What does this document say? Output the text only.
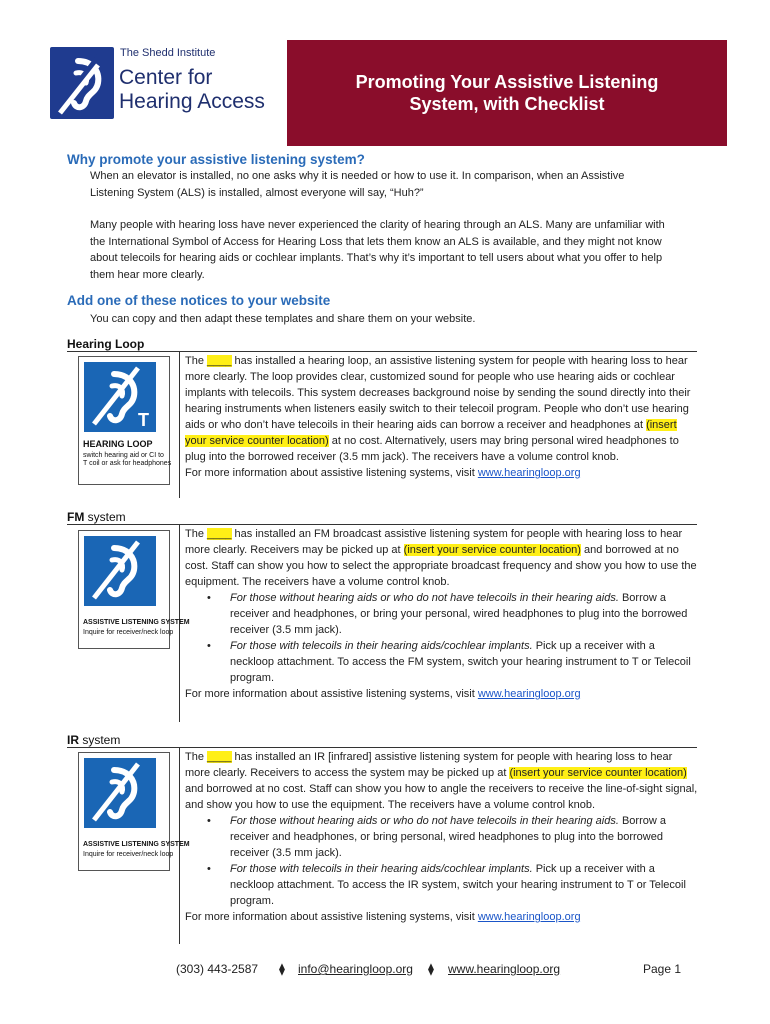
The Shedd Institute
Center for
Hearing Access
Promoting Your Assistive Listening
System, with Checklist
Why promote your assistive listening system?
When an elevator is installed, no one asks why it is needed or how to use it. In comparison, when an Assistive Listening System (ALS) is installed, almost everyone will say, “Huh?”
Many people with hearing loss have never experienced the clarity of hearing through an ALS. Many are unfamiliar with the International Symbol of Access for Hearing Loss that lets them know an ALS is available, and they might not know about telecoils for hearing aids or cochlear implants. That’s why it’s important to tell users about what you offer to help them hear more clearly.
Add one of these notices to your website
You can copy and then adapt these templates and share them on your website.
Hearing Loop
T
HEARING LOOP
switch hearing aid or CI to
T coil or ask for headphones

The ____ has installed a hearing loop, an assistive listening system for people with hearing loss to hear more clearly. The loop provides clear, customized sound for people who use hearing aids or cochlear implants with telecoils. This system decreases background noise by sending the sound directly into their hearing instruments when listeners easily switch to their telecoil program. People who don’t use hearing aids or who don’t have telecoils in their hearing aids can borrow a receiver and headphones at (insert your service counter location) at no cost. Alternatively, users may bring personal wired headphones to plug into the borrowed receiver (3.5 mm jack). The receivers have a volume control knob.

For more information about assistive listening systems, visit www.hearingloop.org

FM system
ASSISTIVE LISTENING SYSTEM
Inquire for receiver/neck loop

The ____ has installed an FM broadcast assistive listening system for people with hearing loss to hear more clearly. Receivers may be picked up at (insert your service counter location) and borrowed at no cost. Staff can show you how to select the appropriate broadcast frequency and show you how to use the equipment. The receivers have a volume control knob.

• For those without hearing aids or who do not have telecoils in their hearing aids. Borrow a receiver and headphones, or bring your personal, wired headphones to plug into the borrowed receiver (3.5 mm jack).

• For those with telecoils in their hearing aids/cochlear implants. Pick up a receiver with a neckloop attachment. To access the FM system, switch your hearing instrument to T or Telecoil program.

For more information about assistive listening systems, visit www.hearingloop.org

IR system
ASSISTIVE LISTENING SYSTEM
Inquire for receiver/neck loop

The ____ has installed an IR [infrared] assistive listening system for people with hearing loss to hear more clearly. Receivers to access the system may be picked up at (insert your service counter location) and borrowed at no cost. Staff can show you how to angle the receivers to receive the line-of-sight signal, and show you how to use the equipment. The receivers have a volume control knob.

• For those without hearing aids or who do not have telecoils in their hearing aids. Borrow a receiver and headphones, or bring personal, wired headphones to plug into the borrowed receiver (3.5 mm jack).

• For those with telecoils in their hearing aids/cochlear implants. Pick up a receiver with a neckloop attachment. To access the IR system, switch your hearing instrument to T or Telecoil program.

For more information about assistive listening systems, visit www.hearingloop.org

(303) 443-2587 ⧫ info@hearingloop.org ⧫ www.hearingloop.org	Page 1
